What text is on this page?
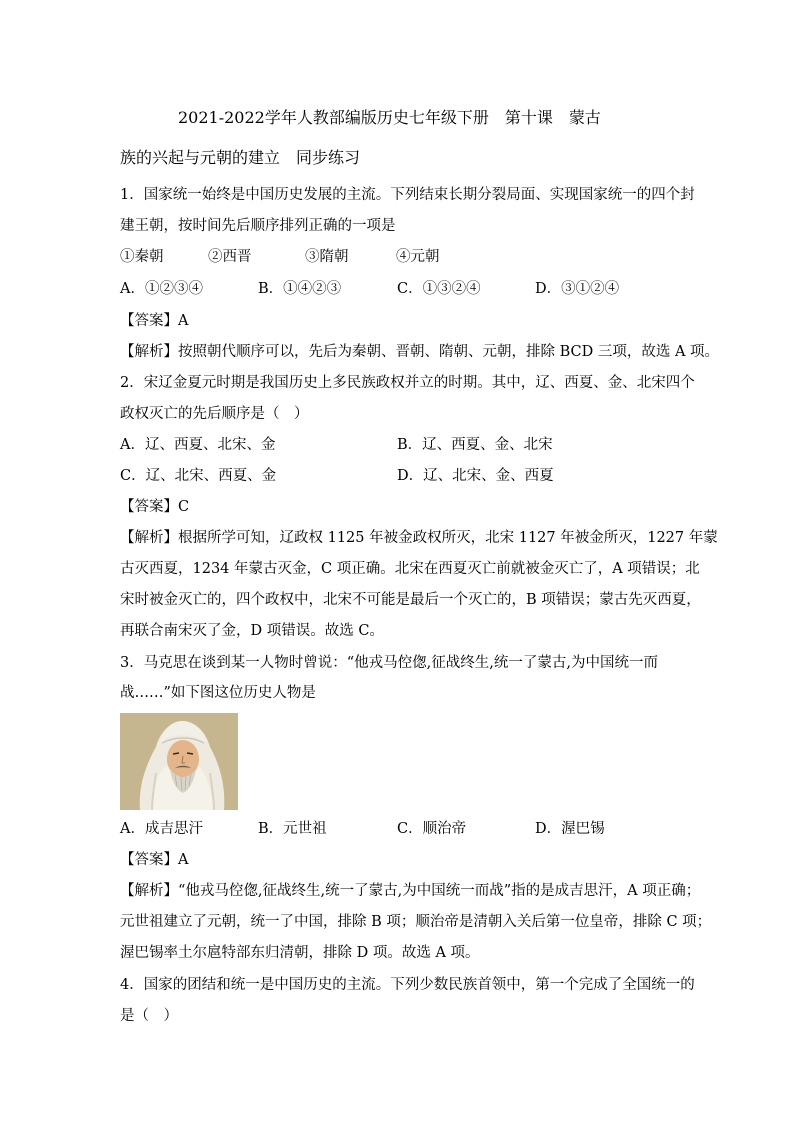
2021-2022学年人教部编版历史七年级下册　第十课　蒙古
族的兴起与元朝的建立　同步练习
1．国家统一始终是中国历史发展的主流。下列结束长期分裂局面、实现国家统一的四个封
建王朝，按时间先后顺序排列正确的一项是
①秦朝	②西晋	③隋朝	④元朝
A．①②③④	B．①④②③	C．①③②④	D．③①②④
【答案】A
【解析】按照朝代顺序可以，先后为秦朝、晋朝、隋朝、元朝，排除 BCD 三项，故选 A 项。
2．宋辽金夏元时期是我国历史上多民族政权并立的时期。其中，辽、西夏、金、北宋四个
政权灭亡的先后顺序是（　）
A．辽、西夏、北宋、金	B．辽、西夏、金、北宋
C．辽、北宋、西夏、金	D．辽、北宋、金、西夏
【答案】C
【解析】根据所学可知，辽政权 1125 年被金政权所灭，北宋 1127 年被金所灭，1227 年蒙
古灭西夏，1234 年蒙古灭金，C 项正确。北宋在西夏灭亡前就被金灭亡了，A 项错误；北
宋时被金灭亡的，四个政权中，北宋不可能是最后一个灭亡的，B 项错误；蒙古先灭西夏，
再联合南宋灭了金，D 项错误。故选 C。
3．马克思在谈到某一人物时曾说：“他戎马倥偬,征战终生,统一了蒙古,为中国统一而
战……”如下图这位历史人物是
A．成吉思汗	B．元世祖	C．顺治帝	D．渥巴锡
【答案】A
【解析】“他戎马倥偬,征战终生,统一了蒙古,为中国统一而战”指的是成吉思汗，A 项正确；
元世祖建立了元朝，统一了中国，排除 B 项；顺治帝是清朝入关后第一位皇帝，排除 C 项；
渥巴锡率土尔扈特部东归清朝，排除 D 项。故选 A 项。
4．国家的团结和统一是中国历史的主流。下列少数民族首领中，第一个完成了全国统一的
是（　）
